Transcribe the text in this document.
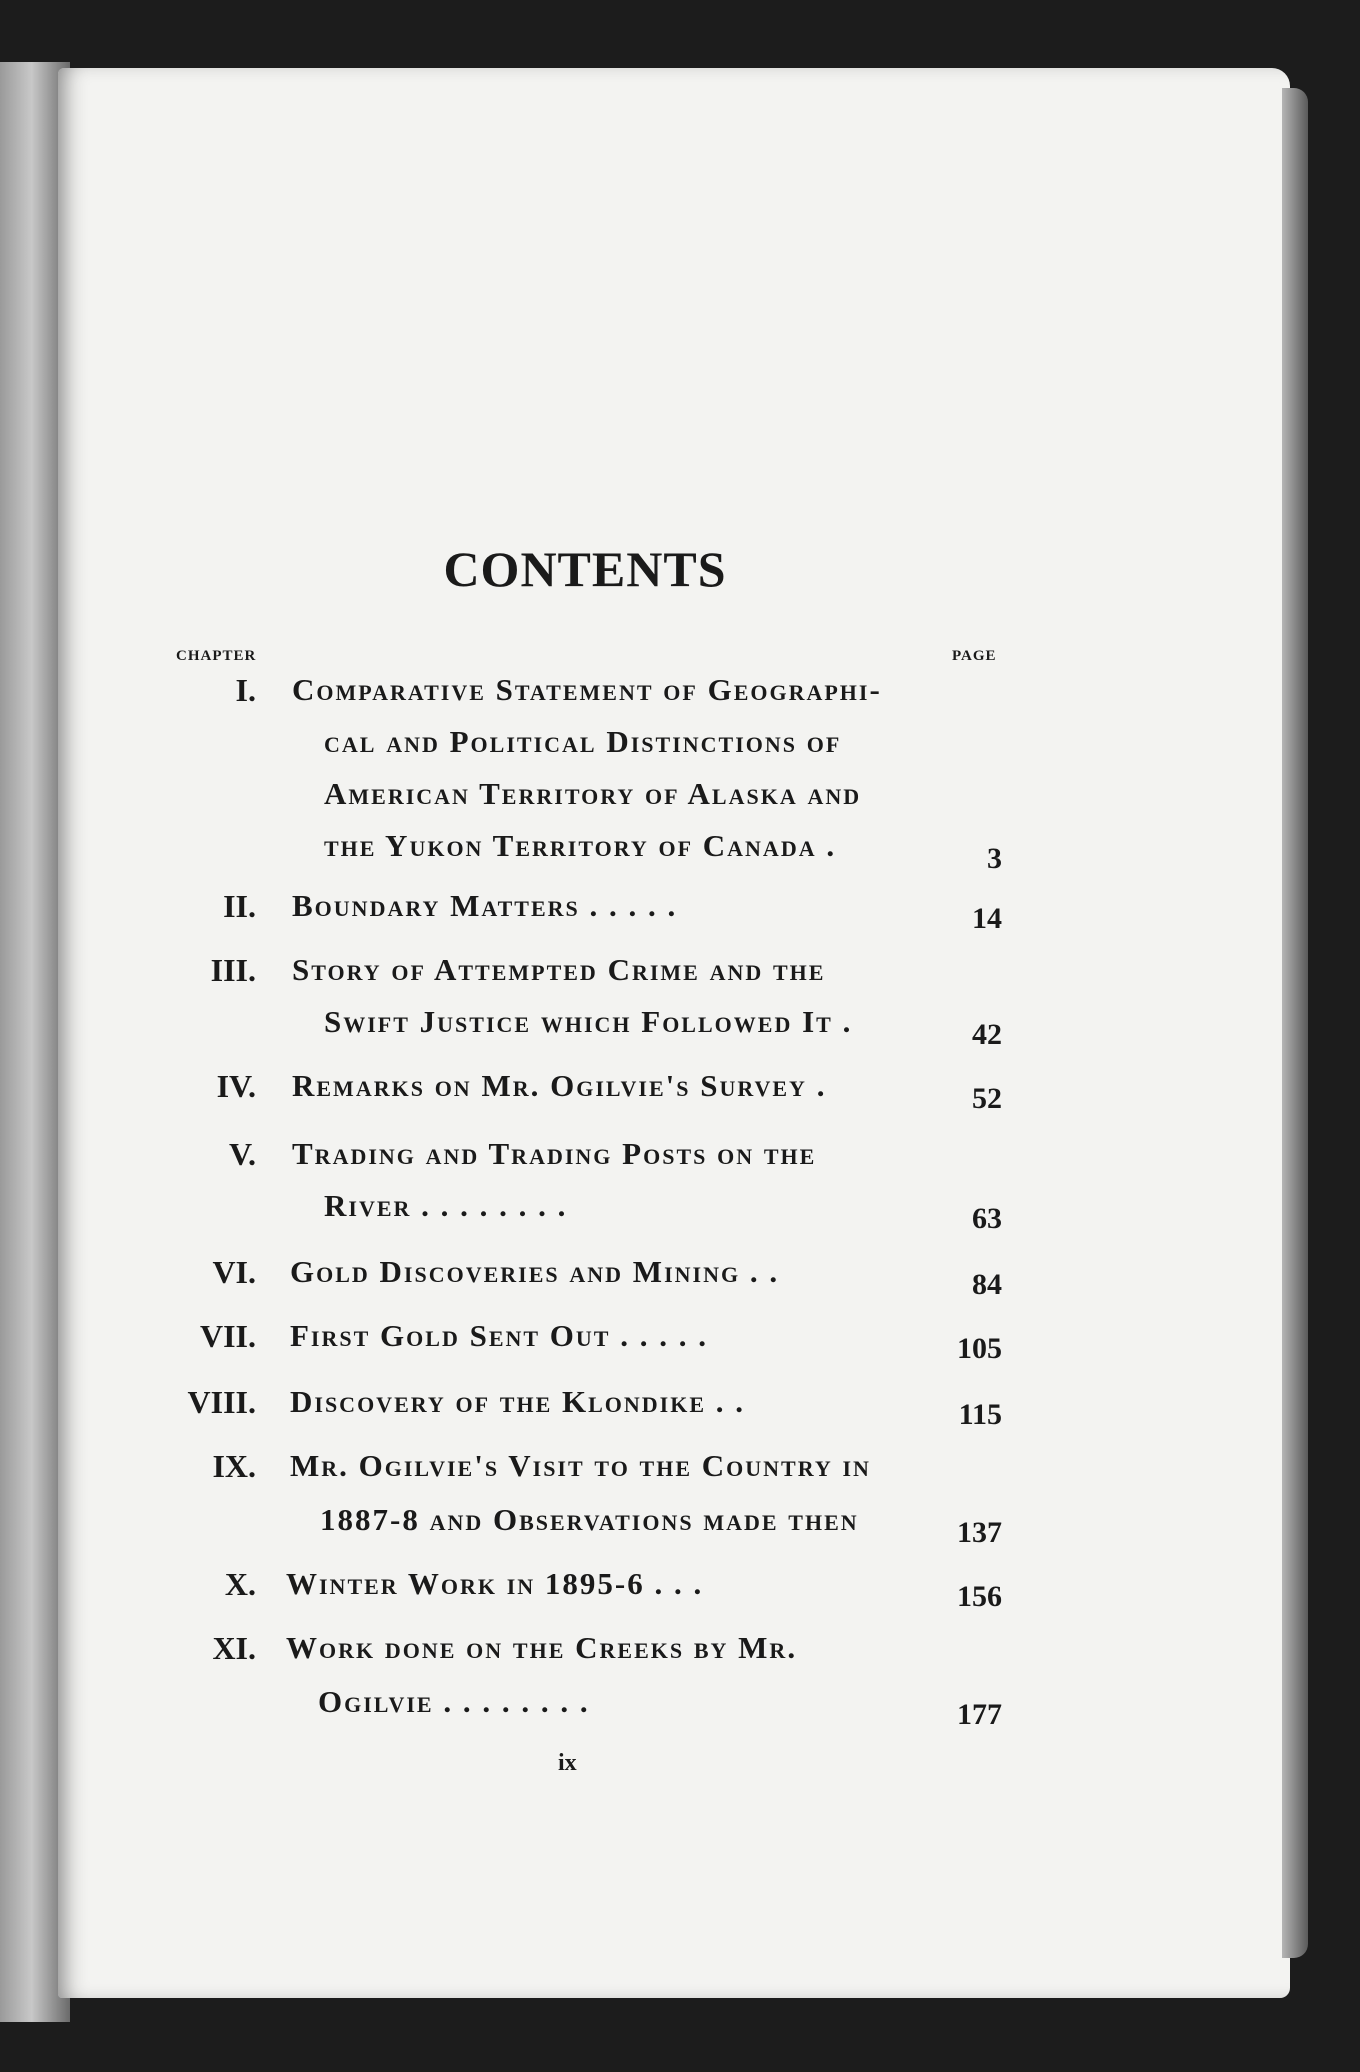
CONTENTS
CHAPTER	PAGE
I. Comparative Statement of Geographi-
cal and Political Distinctions of
American Territory of Alaska and
the Yukon Territory of Canada .	3
II. Boundary Matters . . . . .	14
III. Story of Attempted Crime and the
Swift Justice which Followed It .	42
IV. Remarks on Mr. Ogilvie's Survey .	52
V. Trading and Trading Posts on the
River . . . . . . . .	63
VI. Gold Discoveries and Mining . .	84
VII. First Gold Sent Out . . . . .	105
VIII. Discovery of the Klondike . .	115
IX. Mr. Ogilvie's Visit to the Country in
1887-8 and Observations made then	137
X. Winter Work in 1895-6 . . .	156
XI. Work done on the Creeks by Mr.
Ogilvie . . . . . . . .	177
ix
